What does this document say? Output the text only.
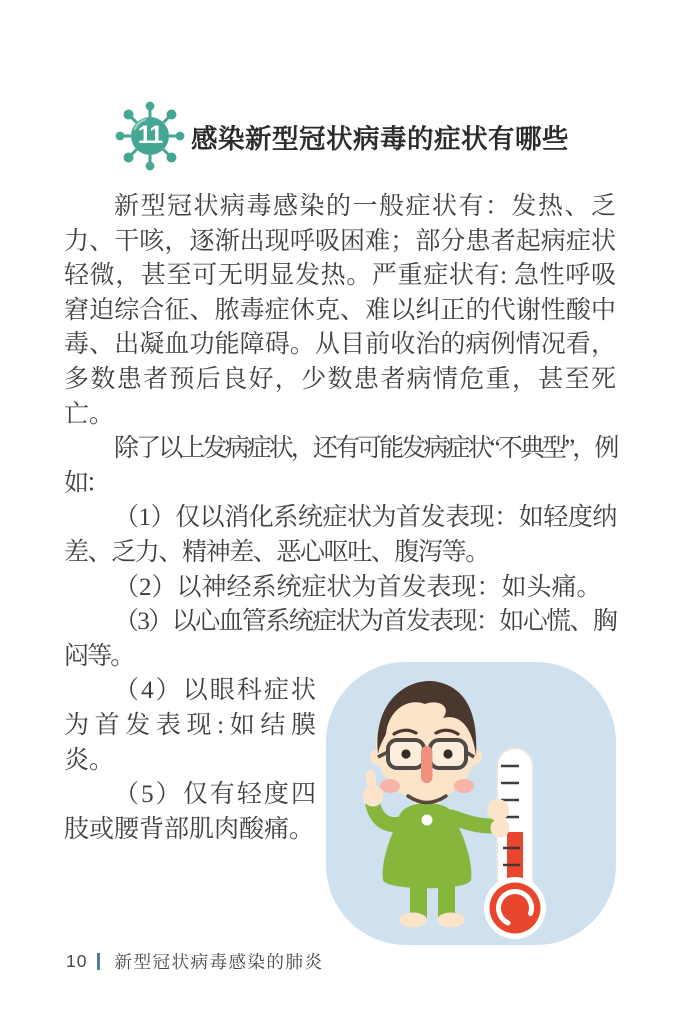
11	感染新型冠状病毒的症状有哪些

新型冠状病毒感染的一般症状有：发热、乏力、干咳，逐渐出现呼吸困难；部分患者起病症状轻微，甚至可无明显发热。严重症状有: 急性呼吸窘迫综合征、脓毒症休克、难以纠正的代谢性酸中毒、出凝血功能障碍。从目前收治的病例情况看，多数患者预后良好，少数患者病情危重，甚至死亡。

除了以上发病症状，还有可能发病症状“不典型”，例如：

（1）仅以消化系统症状为首发表现：如轻度纳差、乏力、精神差、恶心呕吐、腹泻等。

（2）以神经系统症状为首发表现：如头痛。

（3）以心血管系统症状为首发表现：如心慌、胸闷等。

（4）以眼科症状为首发表现:如结膜炎。

（5）仅有轻度四肢或腰背部肌肉酸痛。

10 新型冠状病毒感染的肺炎
